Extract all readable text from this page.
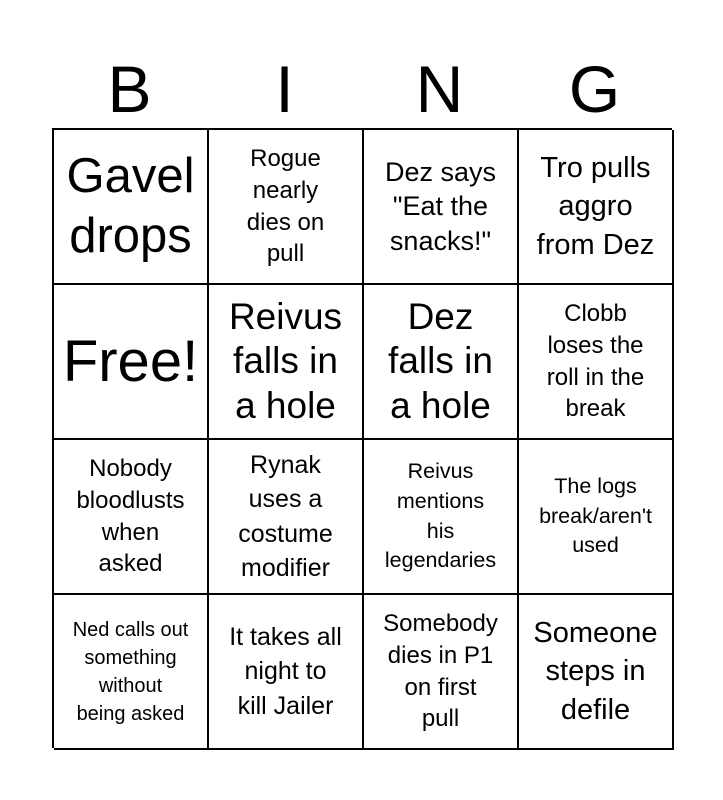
B	I	N	G
Gavel
drops
Rogue
nearly
dies on
pull
Dez says
"Eat the
snacks!"
Tro pulls
aggro
from Dez
Free!
Reivus
falls in
a hole
Dez
falls in
a hole
Clobb
loses the
roll in the
break
Nobody
bloodlusts
when
asked
Rynak
uses a
costume
modifier
Reivus
mentions
his
legendaries
The logs
break/aren't
used
Ned calls out
something
without
being asked
It takes all
night to
kill Jailer
Somebody
dies in P1
on first
pull
Someone
steps in
defile
